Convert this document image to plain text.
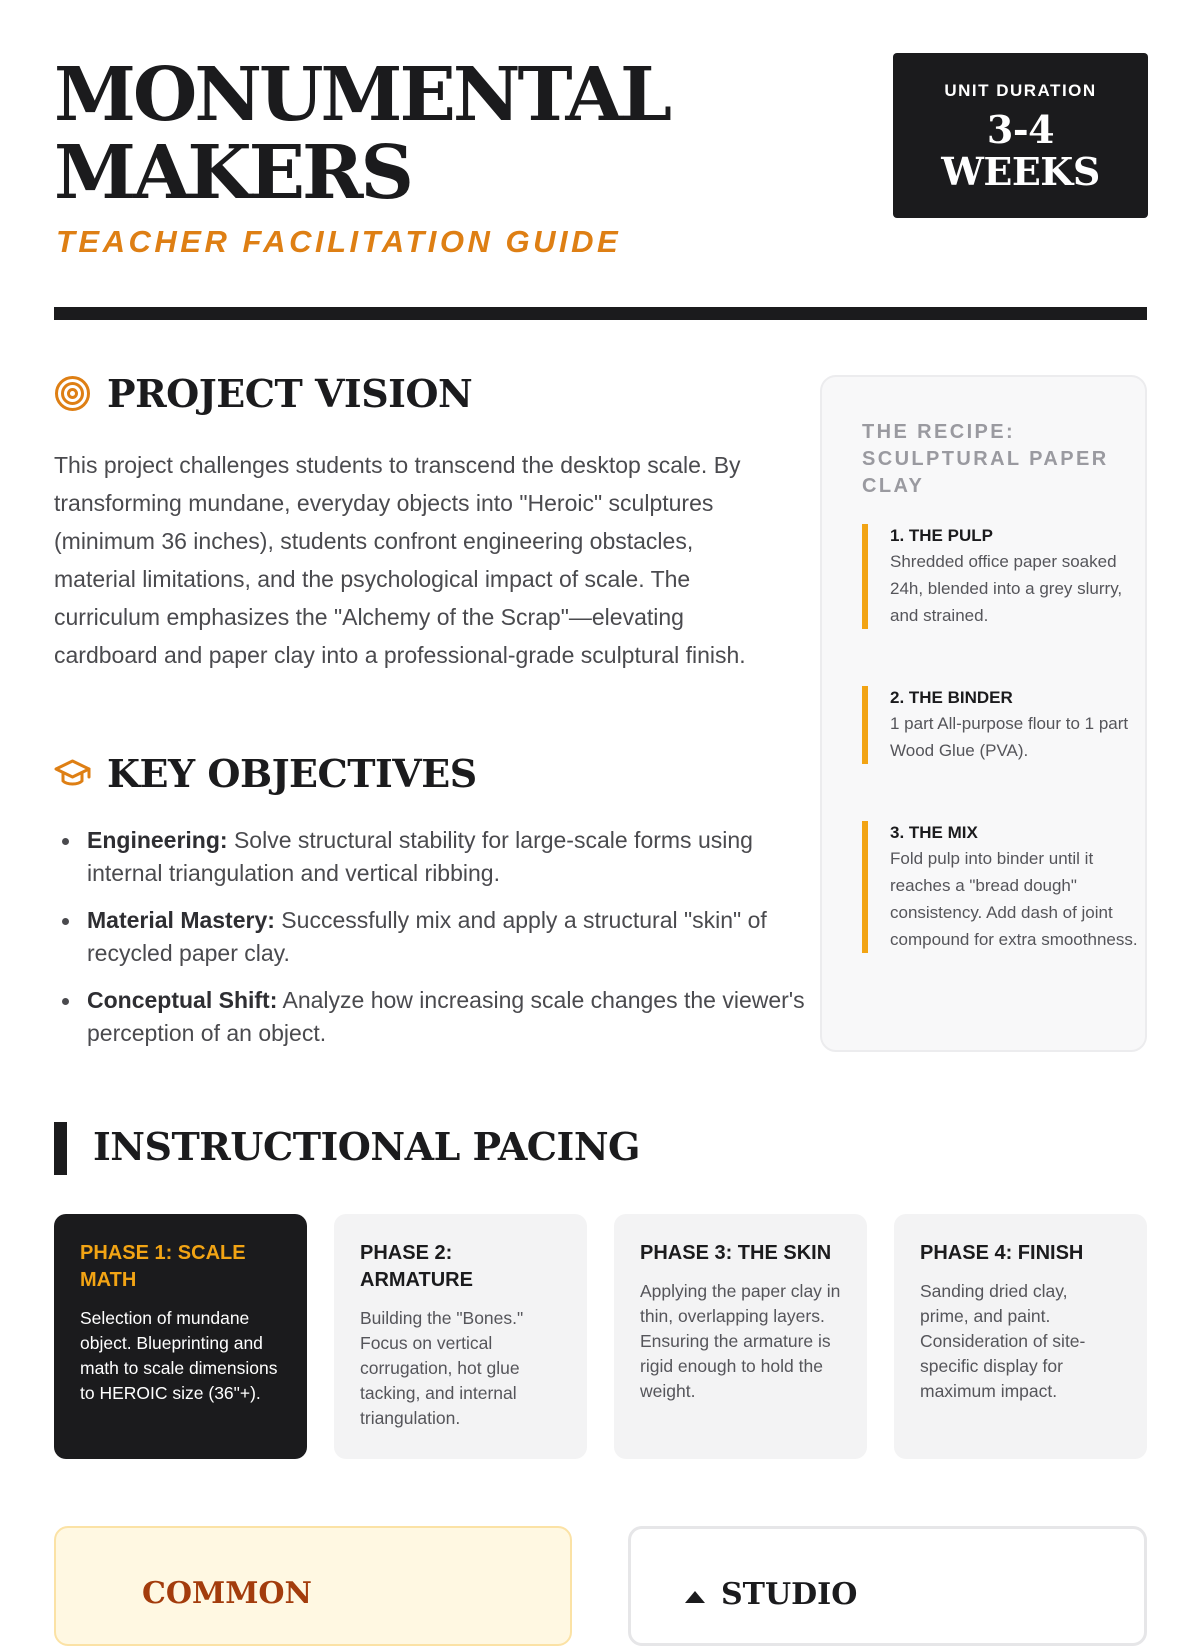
MONUMENTAL
MAKERS
TEACHER FACILITATION GUIDE
UNIT DURATION
3-4
WEEKS
PROJECT VISION

This project challenges students to transcend the desktop scale. By transforming mundane, everyday objects into "Heroic" sculptures (minimum 36 inches), students confront engineering obstacles, material limitations, and the psychological impact of scale. The curriculum emphasizes the "Alchemy of the Scrap"—elevating cardboard and paper clay into a professional-grade sculptural finish.

KEY OBJECTIVES
Engineering: Solve structural stability for large-scale forms using internal triangulation and vertical ribbing.
Material Mastery: Successfully mix and apply a structural "skin" of recycled paper clay.
Conceptual Shift: Analyze how increasing scale changes the viewer's perception of an object.
THE RECIPE: SCULPTURAL PAPER CLAY
1. THE PULP
Shredded office paper soaked 24h, blended into a grey slurry, and strained.
2. THE BINDER
1 part All-purpose flour to 1 part Wood Glue (PVA).
3. THE MIX
Fold pulp into binder until it reaches a "bread dough" consistency. Add dash of joint compound for extra smoothness.
INSTRUCTIONAL PACING
PHASE 1: SCALE MATH
Selection of mundane object. Blueprinting and math to scale dimensions to HEROIC size (36"+).
PHASE 2: ARMATURE
Building the "Bones." Focus on vertical corrugation, hot glue tacking, and internal triangulation.
PHASE 3: THE SKIN
Applying the paper clay in thin, overlapping layers. Ensuring the armature is rigid enough to hold the weight.
PHASE 4: FINISH
Sanding dried clay, prime, and paint. Consideration of site-specific display for maximum impact.
COMMON	STUDIO
